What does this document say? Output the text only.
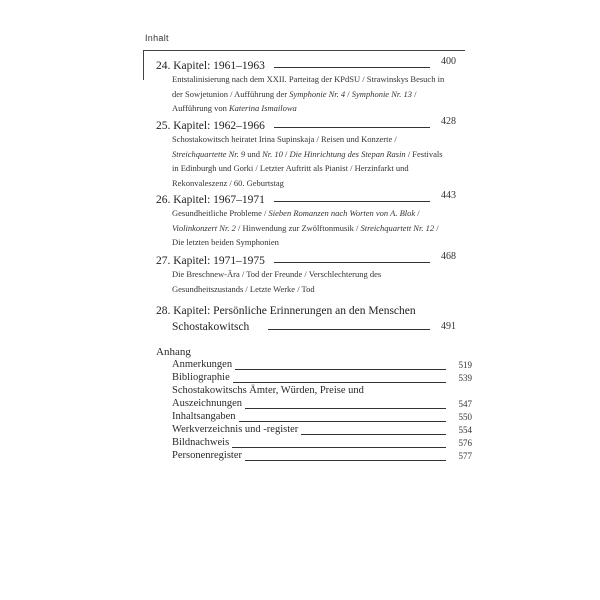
Inhalt
24. Kapitel: 1961–1963	400
Entstalinisierung nach dem XXII. Parteitag der KPdSU / Strawinskys Besuch in der Sowjetunion / Aufführung der Symphonie Nr. 4 / Symphonie Nr. 13 / Aufführung von Katerina Ismailowa
25. Kapitel: 1962–1966	428
Schostakowitsch heiratet Irina Supinskaja / Reisen und Konzerte / Streichquartette Nr. 9 und Nr. 10 / Die Hinrichtung des Stepan Rasin / Festivals in Edinburgh und Gorki / Letzter Auftritt als Pianist / Herzinfarkt und Rekonvaleszenz / 60. Geburtstag
26. Kapitel: 1967–1971	443
Gesundheitliche Probleme / Sieben Romanzen nach Worten von A. Blok / Violinkonzert Nr. 2 / Hinwendung zur Zwölftonmusik / Streichquartett Nr. 12 / Die letzten beiden Symphonien
27. Kapitel: 1971–1975	468
Die Breschnew-Ära / Tod der Freunde / Verschlechterung des Gesundheitszustands / Letzte Werke / Tod
28. Kapitel: Persönliche Erinnerungen an den Menschen
Schostakowitsch	491
Anhang
Anmerkungen	519
Bibliographie	539
Schostakowitschs Ämter, Würden, Preise und
Auszeichnungen	547
Inhaltsangaben	550
Werkverzeichnis und -register	554
Bildnachweis	576
Personenregister	577
